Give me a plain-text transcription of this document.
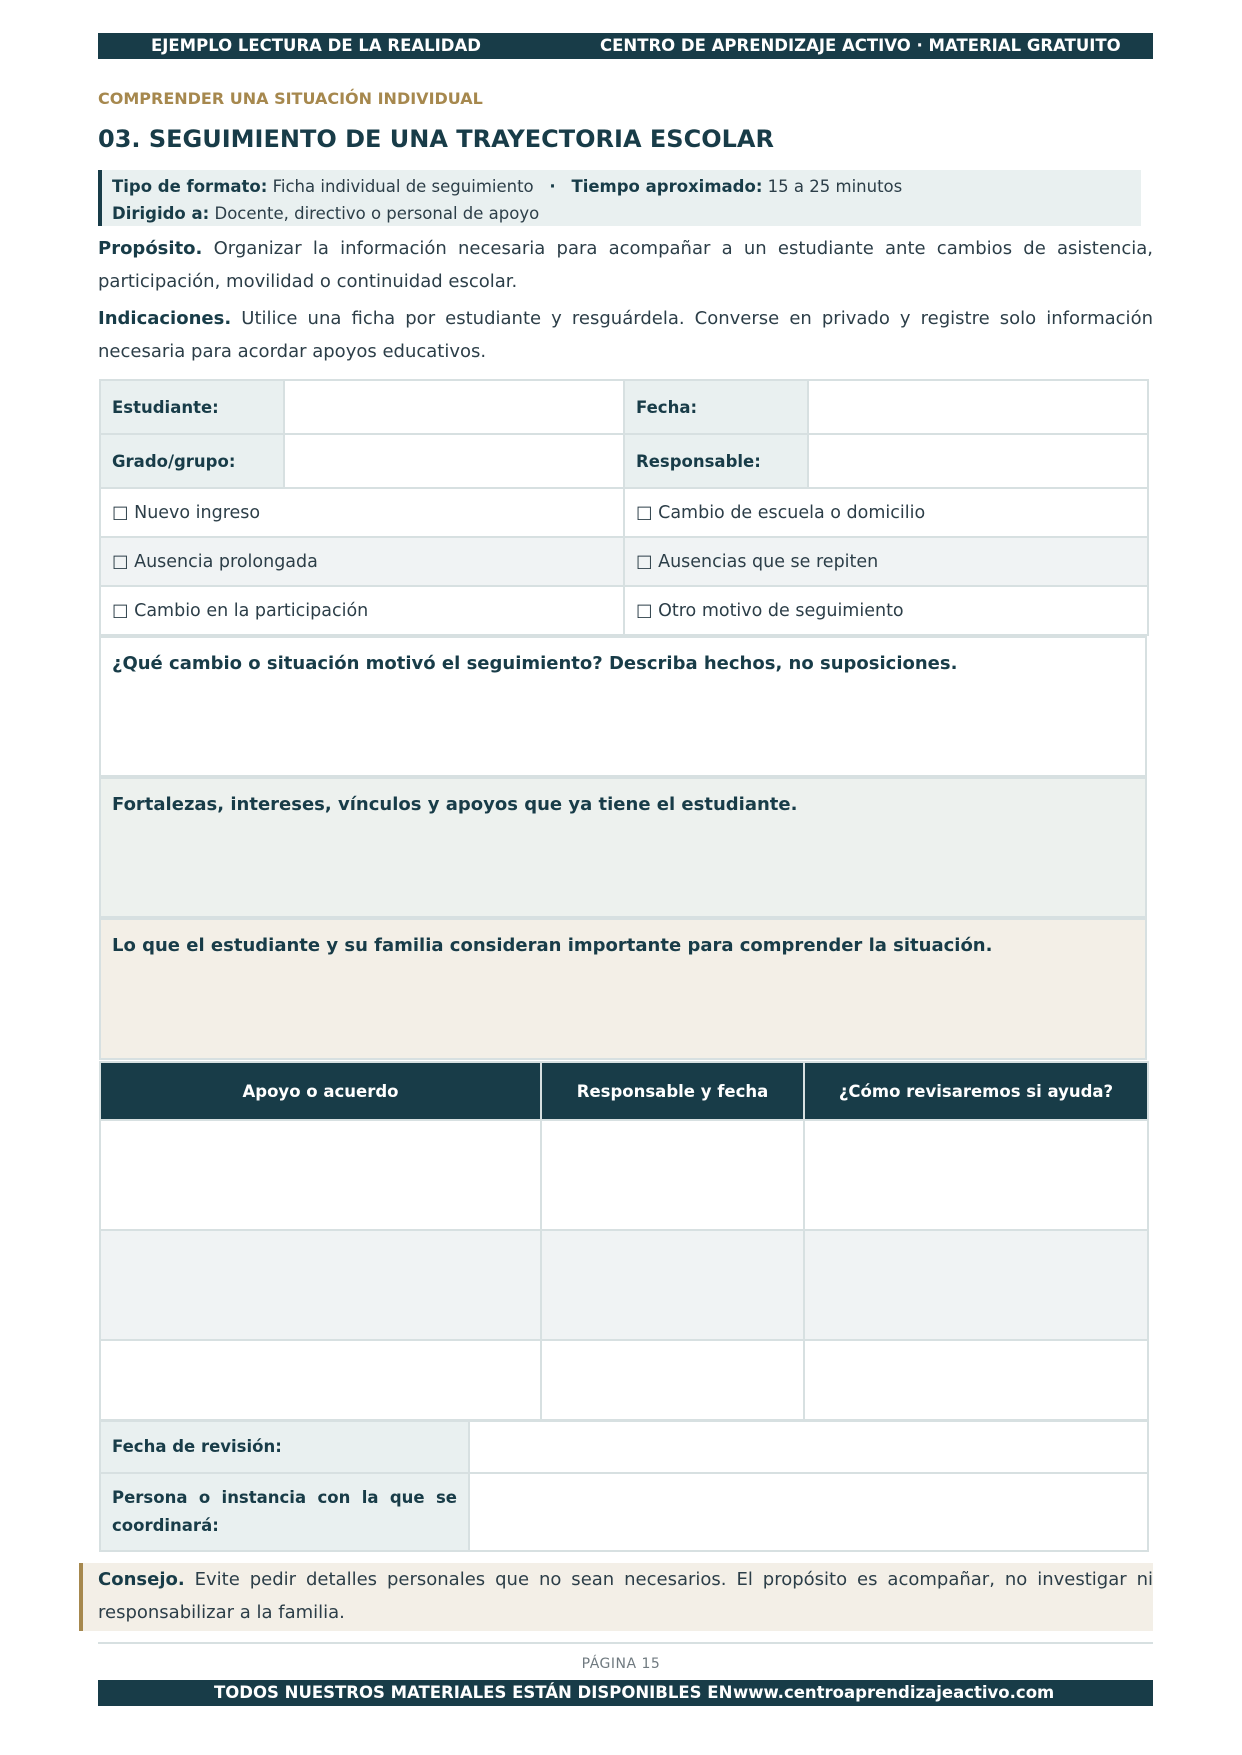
EJEMPLO LECTURA DE LA REALIDAD	CENTRO DE APRENDIZAJE ACTIVO · MATERIAL GRATUITO
COMPRENDER UNA SITUACIÓN INDIVIDUAL
03. SEGUIMIENTO DE UNA TRAYECTORIA ESCOLAR
Tipo de formato: Ficha individual de seguimiento · Tiempo aproximado: 15 a 25 minutos
Dirigido a: Docente, directivo o personal de apoyo
Propósito. Organizar la información necesaria para acompañar a un estudiante ante cambios de asistencia, participación, movilidad o continuidad escolar.
Indicaciones. Utilice una ficha por estudiante y resguárdela. Converse en privado y registre solo información necesaria para acordar apoyos educativos.
Estudiante:		Fecha:	
Grado/grupo:		Responsable:	
□ Nuevo ingreso	□ Cambio de escuela o domicilio
□ Ausencia prolongada	□ Ausencias que se repiten
□ Cambio en la participación	□ Otro motivo de seguimiento
¿Qué cambio o situación motivó el seguimiento? Describa hechos, no suposiciones.
Fortalezas, intereses, vínculos y apoyos que ya tiene el estudiante.
Lo que el estudiante y su familia consideran importante para comprender la situación.
Apoyo o acuerdo	Responsable y fecha	¿Cómo revisaremos si ayuda?

Fecha de revisión:	
Persona o instancia con la que se coordinará:	
Consejo. Evite pedir detalles personales que no sean necesarios. El propósito es acompañar, no investigar ni responsabilizar a la familia.
PÁGINA 15
TODOS NUESTROS MATERIALES ESTÁN DISPONIBLES EN www.centroaprendizajeactivo.com
